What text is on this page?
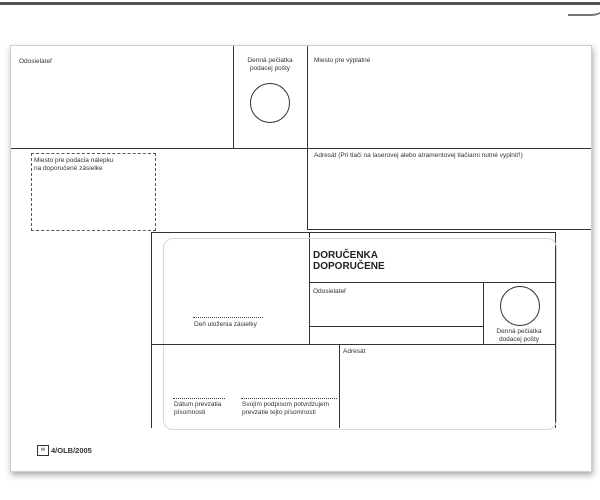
Odosielateľ	Denná pečiatka
podacej pošty
Miesto pre výplatné
Miesto pre podacia nálepku
na doporučené zásielke
Adresát (Pri tlači na laserovej alebo atramentovej tlačiarni nutné vyplniť!)
DORUČENKA
DOPORUČENE
Odosielateľ
Denná pečiatka
dodacej pošty
Deň uloženia zásielky
Adresát
Dátum prevzatia
písomnosti
Svojím podpisom potvrdzujem
prevzatie tejto písomnosti
✉ 4/OLB/2005
